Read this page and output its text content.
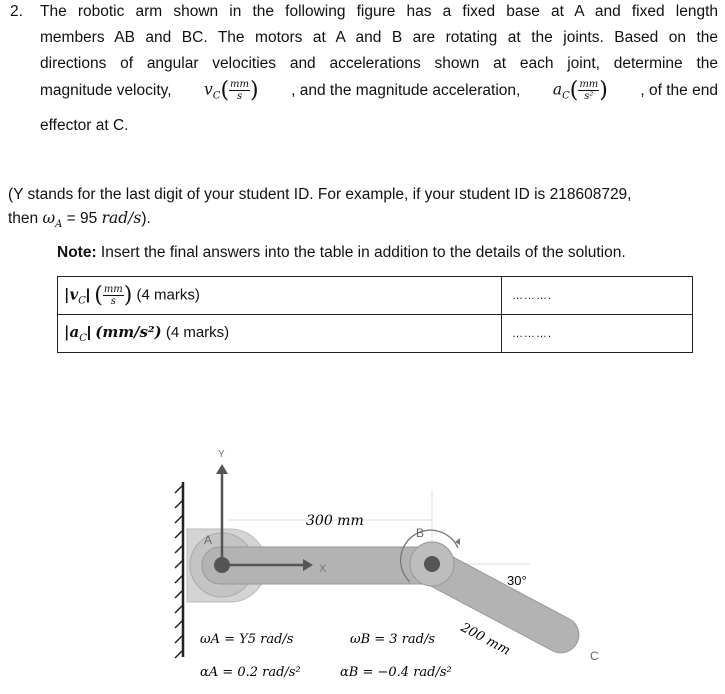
2. The robotic arm shown in the following figure has a fixed base at A and fixed length
members AB and BC. The motors at A and B are rotating at the joints. Based on the
directions of angular velocities and accelerations shown at each joint, determine the
magnitude velocity, $v_C( \frac{mm}{s}$ ) , and the magnitude acceleration, $a_C( \frac{mm}{\text{s²}}$ ) , of the end
effector at C.
(Y stands for the last digit of your student ID. For example, if your student ID is 218608729,
then $\omega_A = 95$ rad/s).
Note: Insert the final answers into the table in addition to the details of the solution.
$|v_C|$ ( $\frac{mm}{s}$ ) (4 marks)	……….
$|a_C|$ (mm/s²) (4 marks)	……….
Y
X
A	B
C
300 mm
30°
200 mm
ωA = Y5 rad/s
αA = 0.2 rad/s²
ωB = 3 rad/s
αB = −0.4 rad/s²
